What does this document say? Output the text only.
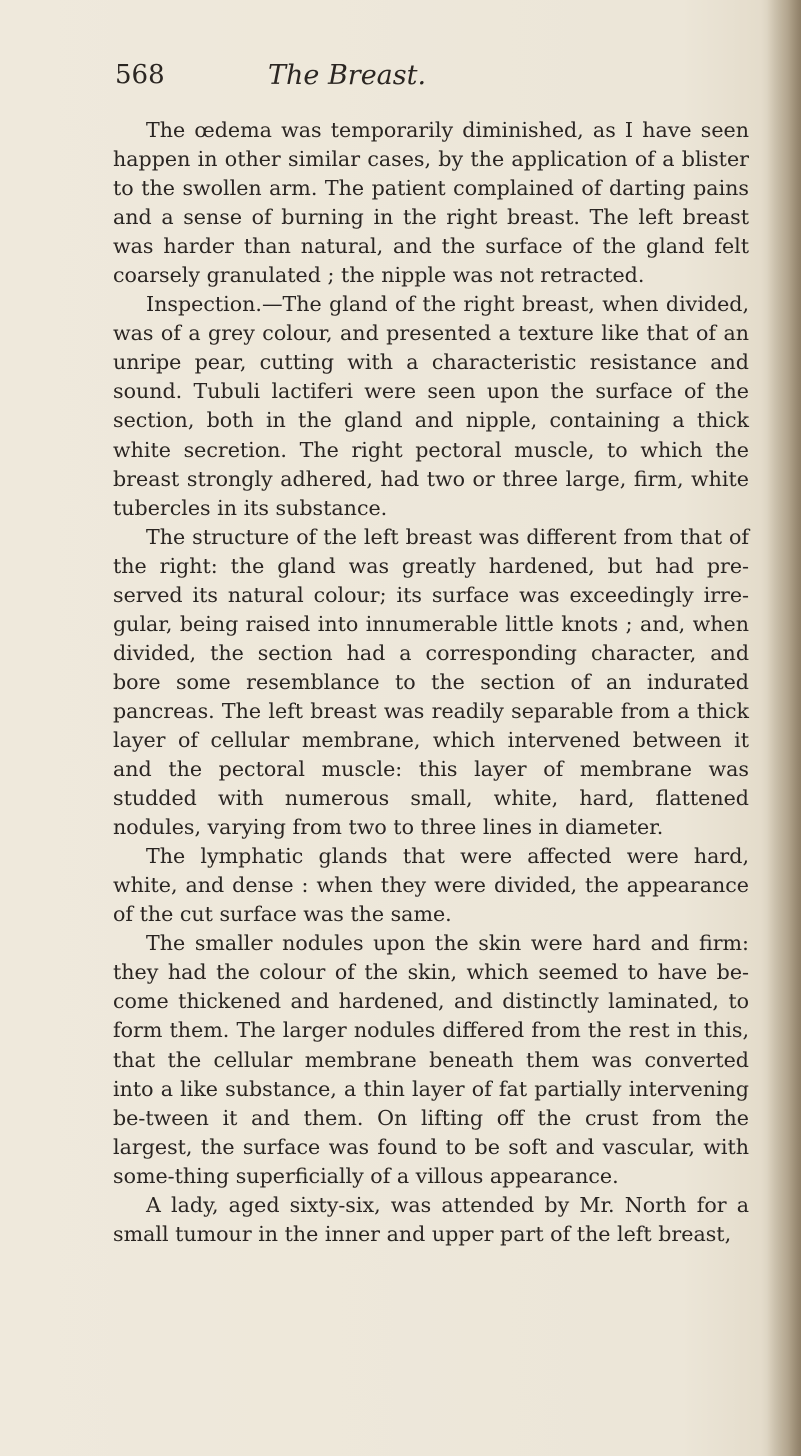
568	The Breast.

The œdema was temporarily diminished, as I have seen happen in other similar cases, by the application of a blister to the swollen arm. The patient complained of darting pains and a sense of burning in the right breast. The left breast was harder than natural, and the surface of the gland felt coarsely granulated ; the nipple was not retracted.

Inspection.—The gland of the right breast, when divided, was of a grey colour, and presented a texture like that of an unripe pear, cutting with a characteristic resistance and sound. Tubuli lactiferi were seen upon the surface of the section, both in the gland and nipple, containing a thick white secretion. The right pectoral muscle, to which the breast strongly adhered, had two or three large, firm, white tubercles in its substance.

The structure of the left breast was different from that of the right: the gland was greatly hardened, but had pre-served its natural colour; its surface was exceedingly irre-gular, being raised into innumerable little knots ; and, when divided, the section had a corresponding character, and bore some resemblance to the section of an indurated pancreas. The left breast was readily separable from a thick layer of cellular membrane, which intervened between it and the pectoral muscle: this layer of membrane was studded with numerous small, white, hard, flattened nodules, varying from two to three lines in diameter.

The lymphatic glands that were affected were hard, white, and dense : when they were divided, the appearance of the cut surface was the same.

The smaller nodules upon the skin were hard and firm: they had the colour of the skin, which seemed to have be-come thickened and hardened, and distinctly laminated, to form them. The larger nodules differed from the rest in this, that the cellular membrane beneath them was converted into a like substance, a thin layer of fat partially intervening be-tween it and them. On lifting off the crust from the largest, the surface was found to be soft and vascular, with some-thing superficially of a villous appearance.

A lady, aged sixty-six, was attended by Mr. North for a small tumour in the inner and upper part of the left breast,
